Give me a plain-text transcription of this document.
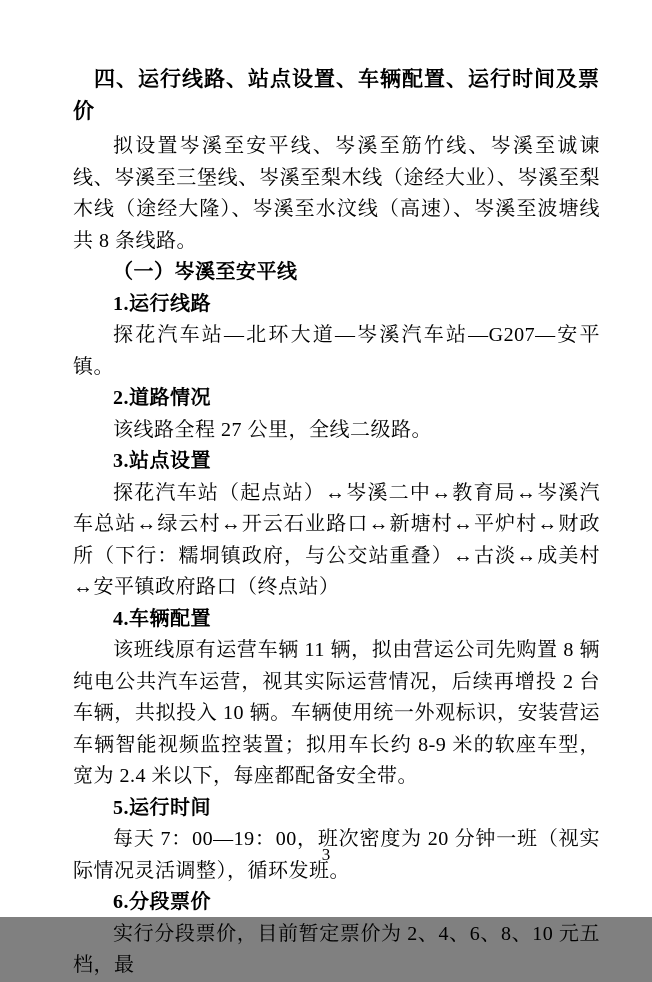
四、运行线路、站点设置、车辆配置、运行时间及票价

拟设置岑溪至安平线、岑溪至筋竹线、岑溪至诚谏线、岑溪至三堡线、岑溪至梨木线（途经大业）、岑溪至梨木线（途经大隆）、岑溪至水汶线（高速）、岑溪至波塘线共 8 条线路。

（一）岑溪至安平线
1.运行线路

探花汽车站—北环大道—岑溪汽车站—G207—安平镇。

2.道路情况

该线路全程 27 公里，全线二级路。

3.站点设置

探花汽车站（起点站）↔岑溪二中↔教育局↔岑溪汽车总站↔绿云村↔开云石业路口↔新塘村↔平炉村↔财政所（下行：糯垌镇政府，与公交站重叠）↔古淡↔成美村↔安平镇政府路口（终点站）

4.车辆配置

该班线原有运营车辆 11 辆，拟由营运公司先购置 8 辆纯电公共汽车运营，视其实际运营情况，后续再增投 2 台车辆，共拟投入 10 辆。车辆使用统一外观标识，安装营运车辆智能视频监控装置；拟用车长约 8-9 米的软座车型，宽为 2.4 米以下，每座都配备安全带。

5.运行时间

每天 7：00—19：00，班次密度为 20 分钟一班（视实际情况灵活调整），循环发班。

6.分段票价

实行分段票价，目前暂定票价为 2、4、6、8、10 元五档，最

3
